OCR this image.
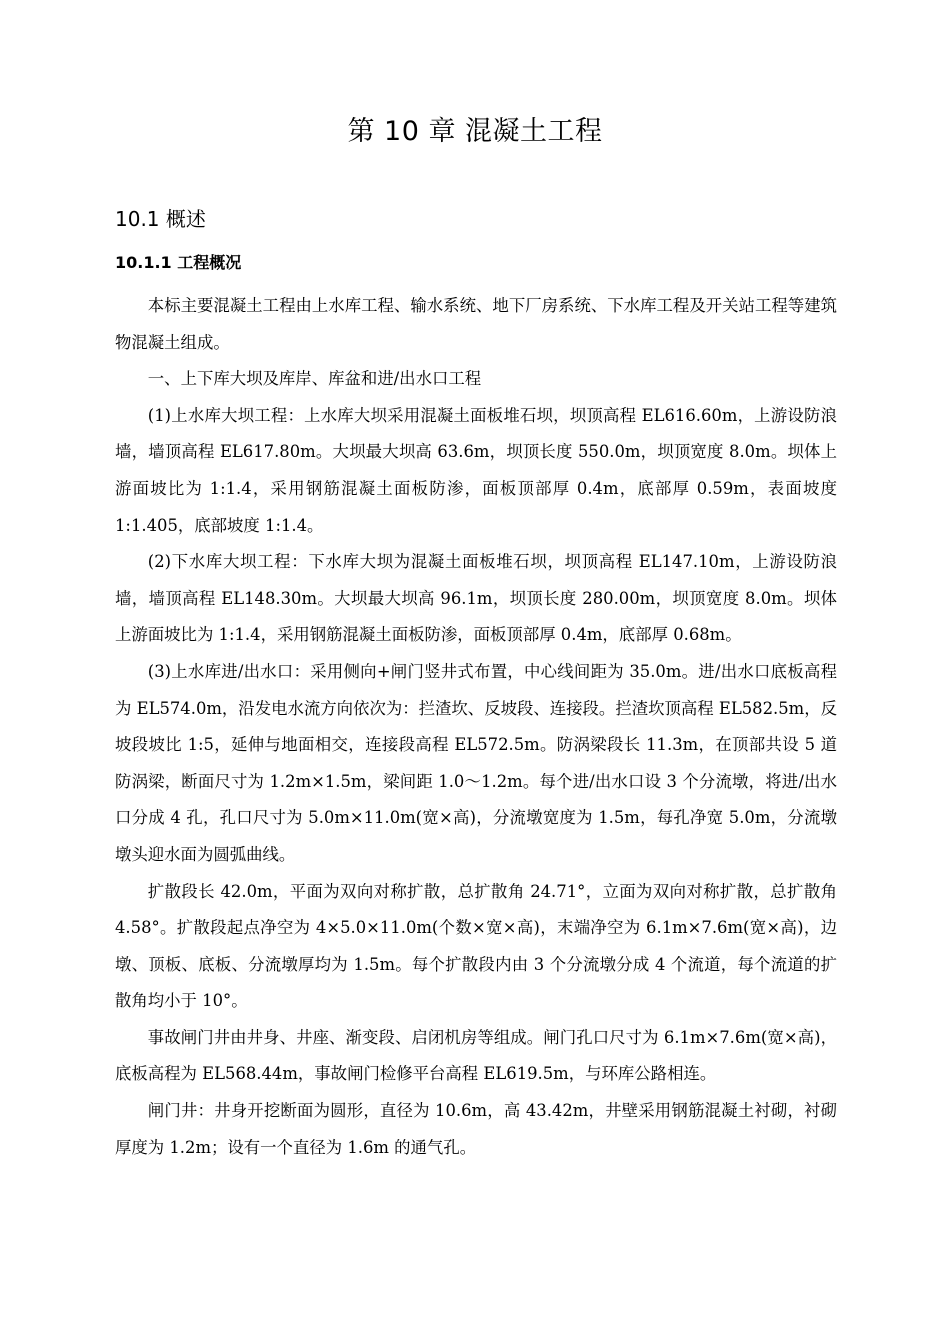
第 10 章 混凝土工程
10.1 概述
10.1.1 工程概况

本标主要混凝土工程由上水库工程、输水系统、地下厂房系统、下水库工程及开关站工程等建筑物混凝土组成。

一、上下库大坝及库岸、库盆和进/出水口工程

(1)上水库大坝工程：上水库大坝采用混凝土面板堆石坝，坝顶高程 EL616.60m，上游设防浪墙，墙顶高程 EL617.80m。大坝最大坝高 63.6m，坝顶长度 550.0m，坝顶宽度 8.0m。坝体上游面坡比为 1:1.4，采用钢筋混凝土面板防渗，面板顶部厚 0.4m，底部厚 0.59m，表面坡度 1:1.405，底部坡度 1:1.4。

(2)下水库大坝工程：下水库大坝为混凝土面板堆石坝，坝顶高程 EL147.10m，上游设防浪墙，墙顶高程 EL148.30m。大坝最大坝高 96.1m，坝顶长度 280.00m，坝顶宽度 8.0m。坝体上游面坡比为 1:1.4，采用钢筋混凝土面板防渗，面板顶部厚 0.4m，底部厚 0.68m。

(3)上水库进/出水口：采用侧向+闸门竖井式布置，中心线间距为 35.0m。进/出水口底板高程为 EL574.0m，沿发电水流方向依次为：拦渣坎、反坡段、连接段。拦渣坎顶高程 EL582.5m，反坡段坡比 1:5，延伸与地面相交，连接段高程 EL572.5m。防涡梁段长 11.3m，在顶部共设 5 道防涡梁，断面尺寸为 1.2m×1.5m，梁间距 1.0～1.2m。每个进/出水口设 3 个分流墩，将进/出水口分成 4 孔，孔口尺寸为 5.0m×11.0m(宽×高)，分流墩宽度为 1.5m，每孔净宽 5.0m，分流墩墩头迎水面为圆弧曲线。

扩散段长 42.0m，平面为双向对称扩散，总扩散角 24.71°，立面为双向对称扩散，总扩散角 4.58°。扩散段起点净空为 4×5.0×11.0m(个数×宽×高)，末端净空为 6.1m×7.6m(宽×高)，边墩、顶板、底板、分流墩厚均为 1.5m。每个扩散段内由 3 个分流墩分成 4 个流道，每个流道的扩散角均小于 10°。

事故闸门井由井身、井座、渐变段、启闭机房等组成。闸门孔口尺寸为 6.1m×7.6m(宽×高)，底板高程为 EL568.44m，事故闸门检修平台高程 EL619.5m，与环库公路相连。

闸门井：井身开挖断面为圆形，直径为 10.6m，高 43.42m，井壁采用钢筋混凝土衬砌，衬砌厚度为 1.2m；设有一个直径为 1.6m 的通气孔。
